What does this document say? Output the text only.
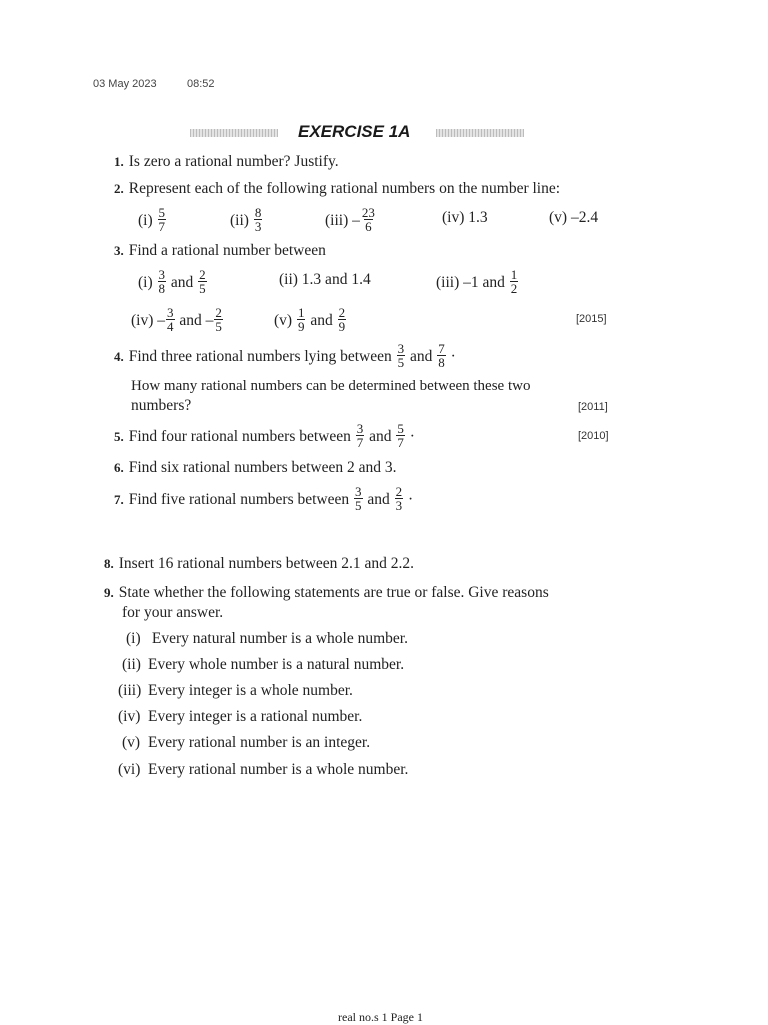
03 May 2023	08:52
EXERCISE 1A
1. Is zero a rational number? Justify.
2. Represent each of the following rational numbers on the number line:
$(i) \frac{5}{7}$	$(ii) \frac{8}{3}$	$(iii) - \frac{23}{6}$	(iv) 1.3	(v) –2.4
3. Find a rational number between
$(i) \frac{3}{8}$ and $\frac{2}{5}$	(ii) 1.3 and 1.4	(iii) –1 and $\frac{1}{2}$
$(iv) - \frac{3}{4}$ and – $\frac{2}{5}$	$(v) \frac{1}{9}$ and $\frac{2}{9}$	[2015]
4. Find three rational numbers lying between $\frac{3}{5}$ and $\frac{7}{8}$ ·
How many rational numbers can be determined between these two
numbers?	[2011]
5. Find four rational numbers between $\frac{3}{7}$ and $\frac{5}{7}$ ·	[2010]
6. Find six rational numbers between 2 and 3.
7. Find five rational numbers between $\frac{3}{5}$ and $\frac{2}{3}$ ·
8. Insert 16 rational numbers between 2.1 and 2.2.
9. State whether the following statements are true or false. Give reasons
for your answer.
(i) Every natural number is a whole number.
(ii) Every whole number is a natural number.
(iii) Every integer is a whole number.
(iv) Every integer is a rational number.
(v) Every rational number is an integer.
(vi) Every rational number is a whole number.
real no.s 1 Page 1
